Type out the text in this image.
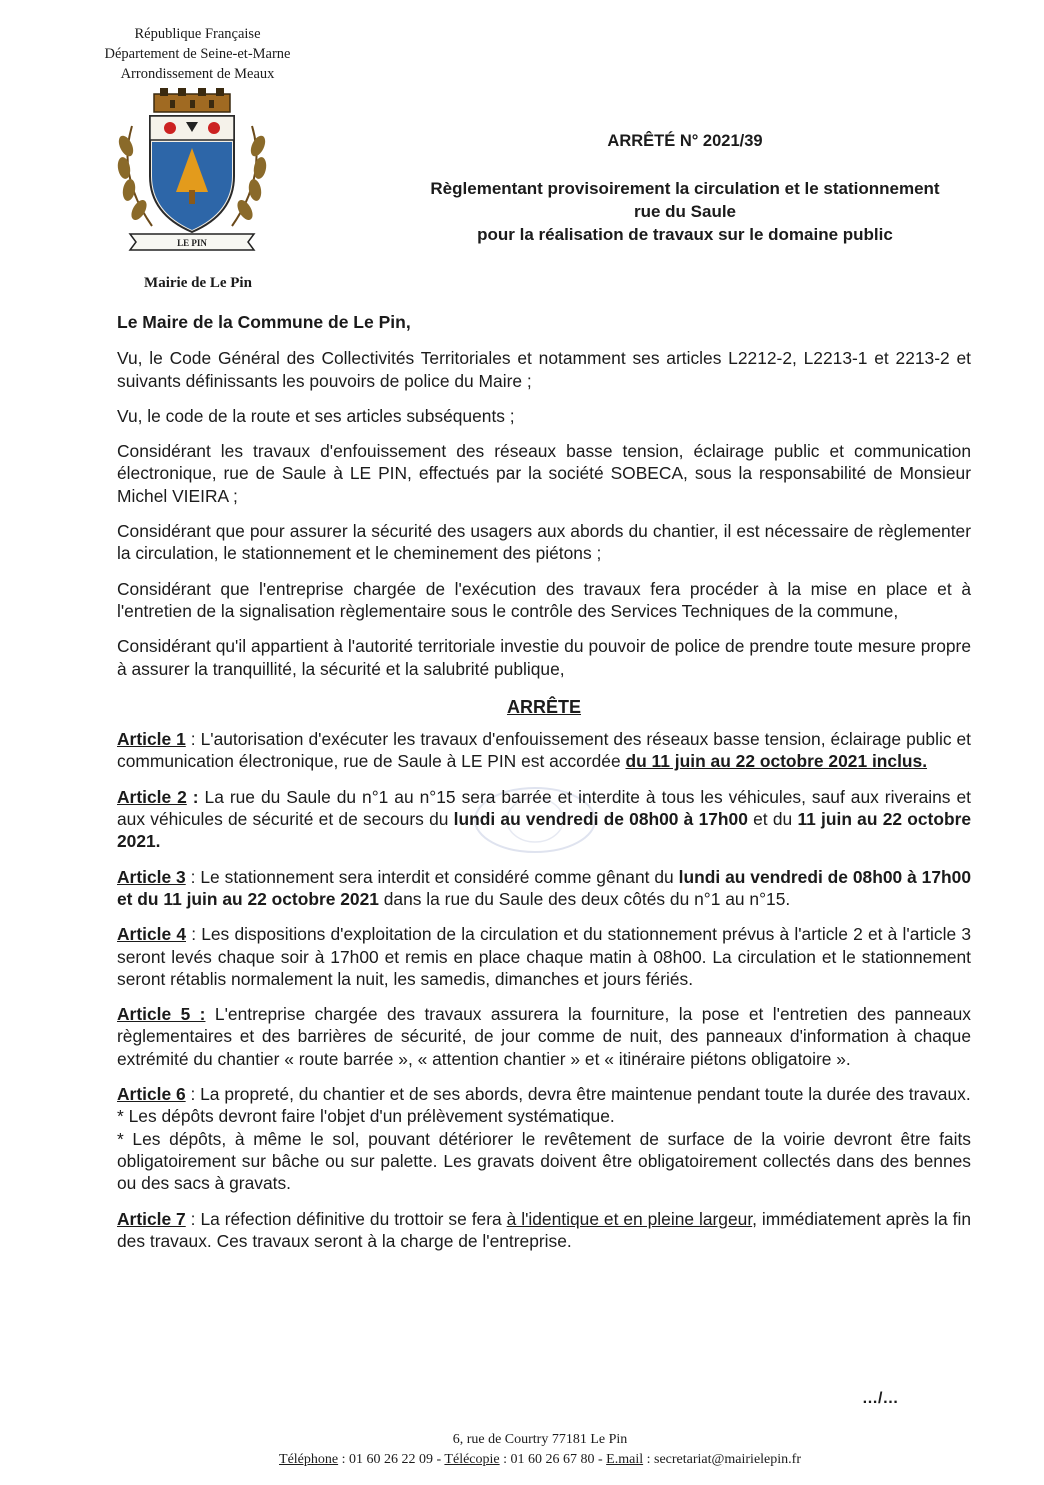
République Française
Département de Seine-et-Marne
Arrondissement de Meaux
LE PIN
Mairie de Le Pin
ARRÊTÉ N° 2021/39
Règlementant provisoirement la circulation et le stationnement
rue du Saule
pour la réalisation de travaux sur le domaine public

Le Maire de la Commune de Le Pin,

Vu, le Code Général des Collectivités Territoriales et notamment ses articles L2212-2, L2213-1 et 2213-2 et suivants définissants les pouvoirs de police du Maire ;

Vu, le code de la route et ses articles subséquents ;

Considérant les travaux d'enfouissement des réseaux basse tension, éclairage public et communication électronique, rue de Saule à LE PIN, effectués par la société SOBECA, sous la responsabilité de Monsieur Michel VIEIRA ;

Considérant que pour assurer la sécurité des usagers aux abords du chantier, il est nécessaire de règlementer la circulation, le stationnement et le cheminement des piétons ;

Considérant que l'entreprise chargée de l'exécution des travaux fera procéder à la mise en place et à l'entretien de la signalisation règlementaire sous le contrôle des Services Techniques de la commune,

Considérant qu'il appartient à l'autorité territoriale investie du pouvoir de police de prendre toute mesure propre à assurer la tranquillité, la sécurité et la salubrité publique,

ARRÊTE

Article 1 : L'autorisation d'exécuter les travaux d'enfouissement des réseaux basse tension, éclairage public et communication électronique, rue de Saule à LE PIN est accordée du 11 juin au 22 octobre 2021 inclus.

Article 2 : La rue du Saule du n°1 au n°15 sera barrée et interdite à tous les véhicules, sauf aux riverains et aux véhicules de sécurité et de secours du lundi au vendredi de 08h00 à 17h00 et du 11 juin au 22 octobre 2021.

Article 3 : Le stationnement sera interdit et considéré comme gênant du lundi au vendredi de 08h00 à 17h00 et du 11 juin au 22 octobre 2021 dans la rue du Saule des deux côtés du n°1 au n°15.

Article 4 : Les dispositions d'exploitation de la circulation et du stationnement prévus à l'article 2 et à l'article 3 seront levés chaque soir à 17h00 et remis en place chaque matin à 08h00. La circulation et le stationnement seront rétablis normalement la nuit, les samedis, dimanches et jours fériés.

Article 5 : L'entreprise chargée des travaux assurera la fourniture, la pose et l'entretien des panneaux règlementaires et des barrières de sécurité, de jour comme de nuit, des panneaux d'information à chaque extrémité du chantier « route barrée », « attention chantier » et « itinéraire piétons obligatoire ».

Article 6 : La propreté, du chantier et de ses abords, devra être maintenue pendant toute la durée des travaux.

* Les dépôts devront faire l'objet d'un prélèvement systématique.

* Les dépôts, à même le sol, pouvant détériorer le revêtement de surface de la voirie devront être faits obligatoirement sur bâche ou sur palette. Les gravats doivent être obligatoirement collectés dans des bennes ou des sacs à gravats.

Article 7 : La réfection définitive du trottoir se fera à l'identique et en pleine largeur, immédiatement après la fin des travaux. Ces travaux seront à la charge de l'entreprise.

…/…
6, rue de Courtry 77181 Le Pin
Téléphone : 01 60 26 22 09 - Télécopie : 01 60 26 67 80 - E.mail : secretariat@mairielepin.fr
